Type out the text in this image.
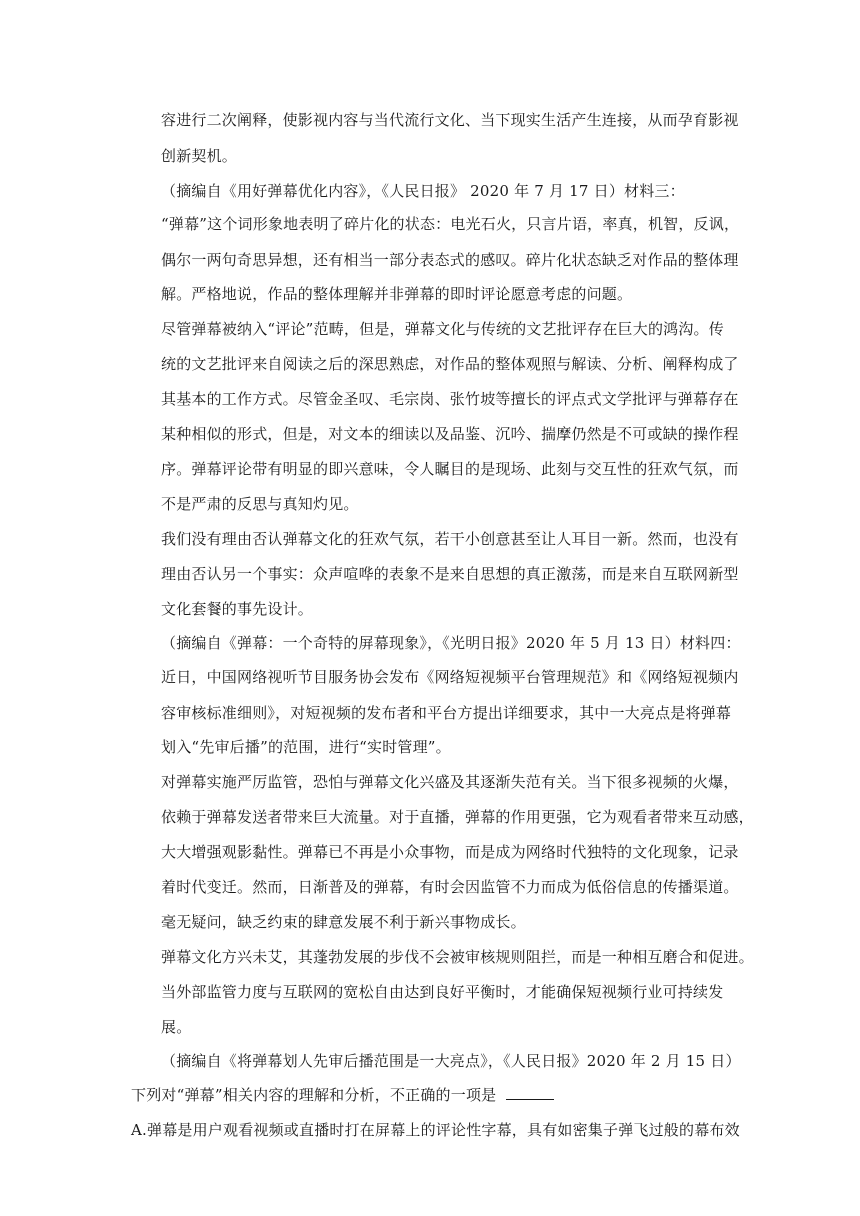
容进行二次阐释，使影视内容与当代流行文化、当下现实生活产生连接，从而孕育影视
创新契机。
（摘编自《用好弹幕优化内容》，《人民日报》 2020 年 7 月 17 日）材料三：
“弹幕”这个词形象地表明了碎片化的状态：电光石火，只言片语，率真，机智，反讽，
偶尔一两句奇思异想，还有相当一部分表态式的感叹。碎片化状态缺乏对作品的整体理
解。严格地说，作品的整体理解并非弹幕的即时评论愿意考虑的问题。
尽管弹幕被纳入“评论”范畴，但是，弹幕文化与传统的文艺批评存在巨大的鸿沟。传
统的文艺批评来自阅读之后的深思熟虑，对作品的整体观照与解读、分析、阐释构成了
其基本的工作方式。尽管金圣叹、毛宗岗、张竹坡等擅长的评点式文学批评与弹幕存在
某种相似的形式，但是，对文本的细读以及品鉴、沉吟、揣摩仍然是不可或缺的操作程
序。弹幕评论带有明显的即兴意味，令人瞩目的是现场、此刻与交互性的狂欢气氛，而
不是严肃的反思与真知灼见。
我们没有理由否认弹幕文化的狂欢气氛，若干小创意甚至让人耳目一新。然而，也没有
理由否认另一个事实：众声喧哗的表象不是来自思想的真正激荡，而是来自互联网新型
文化套餐的事先设计。
（摘编自《弹幕：一个奇特的屏幕现象》，《光明日报》2020 年 5 月 13 日）材料四：
近日，中国网络视听节目服务协会发布《网络短视频平台管理规范》和《网络短视频内
容审核标准细则》，对短视频的发布者和平台方提出详细要求，其中一大亮点是将弹幕
划入“先审后播”的范围，进行“实时管理”。
对弹幕实施严厉监管，恐怕与弹幕文化兴盛及其逐渐失范有关。当下很多视频的火爆，
依赖于弹幕发送者带来巨大流量。对于直播，弹幕的作用更强，它为观看者带来互动感，
大大增强观影黏性。弹幕已不再是小众事物，而是成为网络时代独特的文化现象，记录
着时代变迁。然而，日渐普及的弹幕，有时会因监管不力而成为低俗信息的传播渠道。
毫无疑问，缺乏约束的肆意发展不利于新兴事物成长。
弹幕文化方兴未艾，其蓬勃发展的步伐不会被审核规则阻拦，而是一种相互磨合和促进。
当外部监管力度与互联网的宽松自由达到良好平衡时，才能确保短视频行业可持续发
展。
（摘编自《将弹幕划人先审后播范围是一大亮点》，《人民日报》2020 年 2 月 15 日）
下列对“弹幕”相关内容的理解和分析，不正确的一项是
A.弹幕是用户观看视频或直播时打在屏幕上的评论性字幕，具有如密集子弹飞过般的幕布效
